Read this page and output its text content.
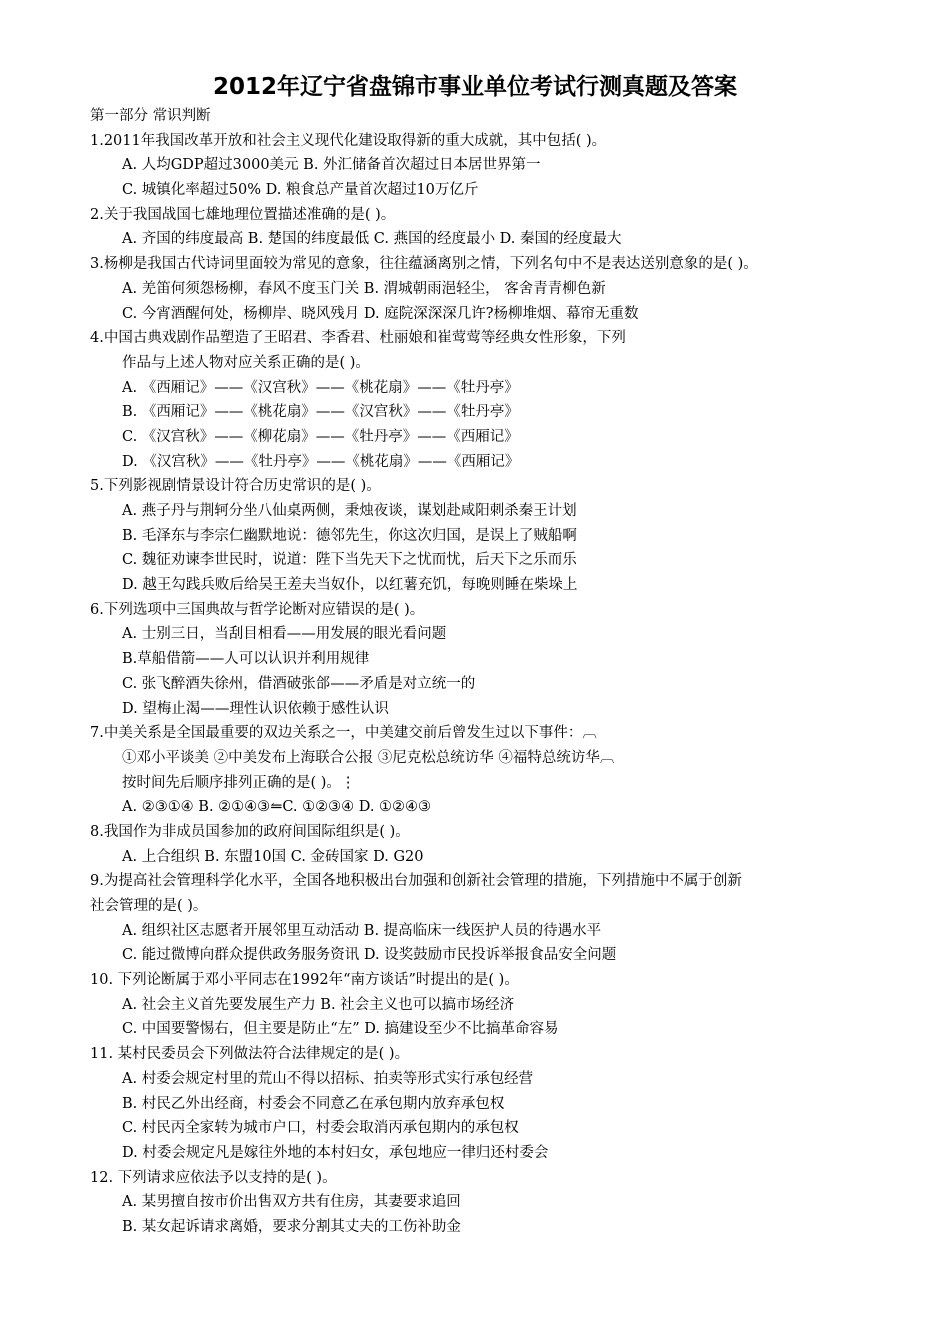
2012年辽宁省盘锦市事业单位考试行测真题及答案
第一部分 常识判断
1.2011年我国改革开放和社会主义现代化建设取得新的重大成就，其中包括( )。
A. 人均GDP超过3000美元 B. 外汇储备首次超过日本居世界第一
C. 城镇化率超过50% D. 粮食总产量首次超过10万亿斤
2.关于我国战国七雄地理位置描述准确的是( )。
A. 齐国的纬度最高 B. 楚国的纬度最低 C. 燕国的经度最小 D. 秦国的经度最大
3.杨柳是我国古代诗词里面较为常见的意象，往往蕴涵离别之情，下列名句中不是表达送别意象的是( )。
A. 羌笛何须怨杨柳，春风不度玉门关 B. 渭城朝雨浥轻尘， 客舍青青柳色新
C. 今宵酒醒何处，杨柳岸、晓风残月 D. 庭院深深深几许?杨柳堆烟、幕帘无重数
4.中国古典戏剧作品塑造了王昭君、李香君、杜丽娘和崔莺莺等经典女性形象，下列
作品与上述人物对应关系正确的是( )。
A. 《西厢记》——《汉宫秋》——《桃花扇》——《牡丹亭》
B. 《西厢记》——《桃花扇》——《汉宫秋》——《牡丹亭》
C. 《汉宫秋》——《柳花扇》——《牡丹亭》——《西厢记》
D. 《汉宫秋》——《牡丹亭》——《桃花扇》——《西厢记》
5.下列影视剧情景设计符合历史常识的是( )。
A. 燕子丹与荆轲分坐八仙桌两侧，秉烛夜谈，谋划赴咸阳刺杀秦王计划
B. 毛泽东与李宗仁幽默地说：德邻先生，你这次归国，是误上了贼船啊
C. 魏征劝谏李世民时，说道：陛下当先天下之忧而忧，后天下之乐而乐
D. 越王勾践兵败后给吴王差夫当奴仆，以红薯充饥，每晚则睡在柴垛上
6.下列选项中三国典故与哲学论断对应错误的是( )。
A. 士别三日，当刮目相看——用发展的眼光看问题
B.草船借箭——人可以认识并利用规律
C. 张飞醉酒失徐州，借酒破张郃——矛盾是对立统一的
D. 望梅止渴——理性认识依赖于感性认识
7.中美关系是全国最重要的双边关系之一，中美建交前后曾发生过以下事件：︹
①邓小平谈美 ②中美发布上海联合公报 ③尼克松总统访华 ④福特总统访华︹
按时间先后顺序排列正确的是( )。⋮
A. ②③①④ B. ②①④③⥪C. ①②③④ D. ①②④③
8.我国作为非成员国参加的政府间国际组织是( )。
A. 上合组织 B. 东盟10国 C. 金砖国家 D. G20
9.为提高社会管理科学化水平，全国各地积极出台加强和创新社会管理的措施，下列措施中不属于创新
社会管理的是( )。
A. 组织社区志愿者开展邻里互动活动 B. 提高临床一线医护人员的待遇水平
C. 能过微博向群众提供政务服务资讯 D. 设奖鼓励市民投诉举报食品安全问题
10. 下列论断属于邓小平同志在1992年“南方谈话”时提出的是( )。
A. 社会主义首先要发展生产力 B. 社会主义也可以搞市场经济
C. 中国要警惕右，但主要是防止“左” D. 搞建设至少不比搞革命容易
11. 某村民委员会下列做法符合法律规定的是( )。
A. 村委会规定村里的荒山不得以招标、拍卖等形式实行承包经营
B. 村民乙外出经商，村委会不同意乙在承包期内放弃承包权
C. 村民丙全家转为城市户口，村委会取消丙承包期内的承包权
D. 村委会规定凡是嫁往外地的本村妇女，承包地应一律归还村委会
12. 下列请求应依法予以支持的是( )。
A. 某男擅自按市价出售双方共有住房，其妻要求追回
B. 某女起诉请求离婚，要求分割其丈夫的工伤补助金
